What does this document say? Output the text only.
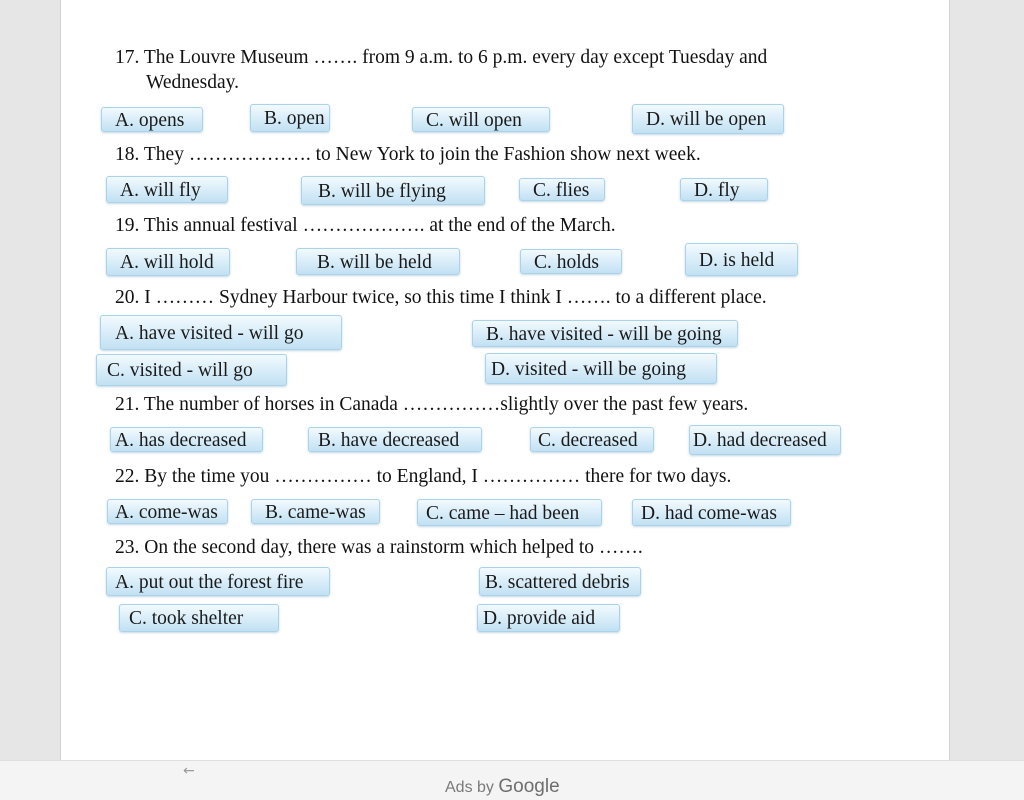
17. The Louvre Museum ……. from 9 a.m. to 6 p.m. every day except Tuesday and
Wednesday.
A. opens	B. open	C. will open	D. will be open
18. They ………………. to New York to join the Fashion show next week.
A. will fly	B. will be flying	C. flies	D. fly
19. This annual festival ………………. at the end of the March.
A. will hold	B. will be held	C. holds	D. is held
20. I ……… Sydney Harbour twice, so this time I think I ……. to a different place.
A. have visited - will go	B. have visited - will be going
C. visited - will go	D. visited - will be going
21. The number of horses in Canada ……………slightly over the past few years.
A. has decreased	B. have decreased	C. decreased	D. had decreased
22. By the time you …………… to England, I …………… there for two days.
A. come-was	B. came-was	C. came – had been	D. had come-was
23. On the second day, there was a rainstorm which helped to …….
A. put out the forest fire	B. scattered debris
C. took shelter	D. provide aid
←
Ads by Google
